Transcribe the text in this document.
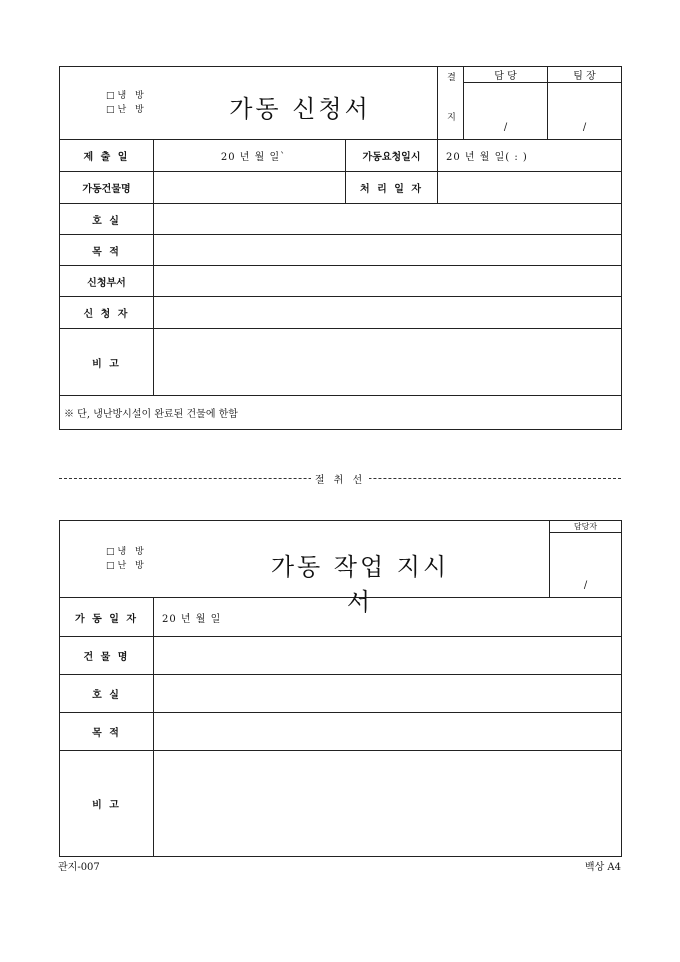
□냉 방
□난 방 가동 신청서			결 지	담 당	팀 장
				/	/
제 출 일	20 년 월 일`	가동요청일시	20 년 월 일( : )		
가동건물명		처 리 일 자			
호 실					
목 적					
신청부서					
신 청 자					
비 고					
※ 단, 냉난방시설이 완료된 건물에 한함					
절 취 선
□냉 방
□난 방 가동 작업 지시서		담당자
		/
가 동 일 자	20 년 월 일	
건 물 명		
호 실		
목 적		
비 고		
관지-007	백상 A4
